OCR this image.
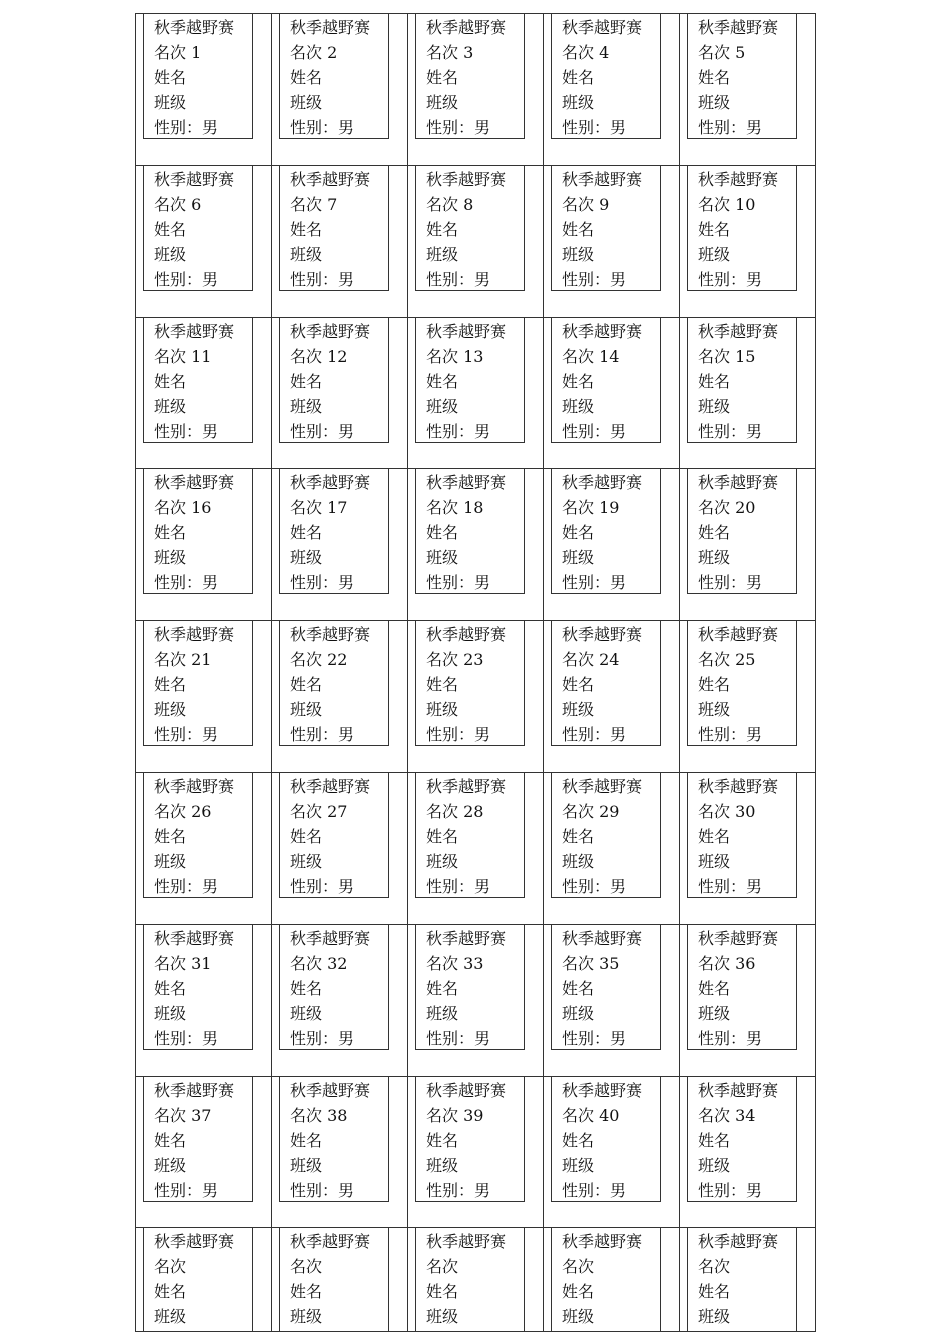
秋季越野赛
名次 1
姓名
班级
性别：男
秋季越野赛
名次 2
姓名
班级
性别：男
秋季越野赛
名次 3
姓名
班级
性别：男
秋季越野赛
名次 4
姓名
班级
性别：男
秋季越野赛
名次 5
姓名
班级
性别：男
秋季越野赛
名次 6
姓名
班级
性别：男
秋季越野赛
名次 7
姓名
班级
性别：男
秋季越野赛
名次 8
姓名
班级
性别：男
秋季越野赛
名次 9
姓名
班级
性别：男
秋季越野赛
名次 10
姓名
班级
性别：男
秋季越野赛
名次 11
姓名
班级
性别：男
秋季越野赛
名次 12
姓名
班级
性别：男
秋季越野赛
名次 13
姓名
班级
性别：男
秋季越野赛
名次 14
姓名
班级
性别：男
秋季越野赛
名次 15
姓名
班级
性别：男
秋季越野赛
名次 16
姓名
班级
性别：男
秋季越野赛
名次 17
姓名
班级
性别：男
秋季越野赛
名次 18
姓名
班级
性别：男
秋季越野赛
名次 19
姓名
班级
性别：男
秋季越野赛
名次 20
姓名
班级
性别：男
秋季越野赛
名次 21
姓名
班级
性别：男
秋季越野赛
名次 22
姓名
班级
性别：男
秋季越野赛
名次 23
姓名
班级
性别：男
秋季越野赛
名次 24
姓名
班级
性别：男
秋季越野赛
名次 25
姓名
班级
性别：男
秋季越野赛
名次 26
姓名
班级
性别：男
秋季越野赛
名次 27
姓名
班级
性别：男
秋季越野赛
名次 28
姓名
班级
性别：男
秋季越野赛
名次 29
姓名
班级
性别：男
秋季越野赛
名次 30
姓名
班级
性别：男
秋季越野赛
名次 31
姓名
班级
性别：男
秋季越野赛
名次 32
姓名
班级
性别：男
秋季越野赛
名次 33
姓名
班级
性别：男
秋季越野赛
名次 35
姓名
班级
性别：男
秋季越野赛
名次 36
姓名
班级
性别：男
秋季越野赛
名次 37
姓名
班级
性别：男
秋季越野赛
名次 38
姓名
班级
性别：男
秋季越野赛
名次 39
姓名
班级
性别：男
秋季越野赛
名次 40
姓名
班级
性别：男
秋季越野赛
名次 34
姓名
班级
性别：男
秋季越野赛
名次
姓名
班级
秋季越野赛
名次
姓名
班级
秋季越野赛
名次
姓名
班级
秋季越野赛
名次
姓名
班级
秋季越野赛
名次
姓名
班级
